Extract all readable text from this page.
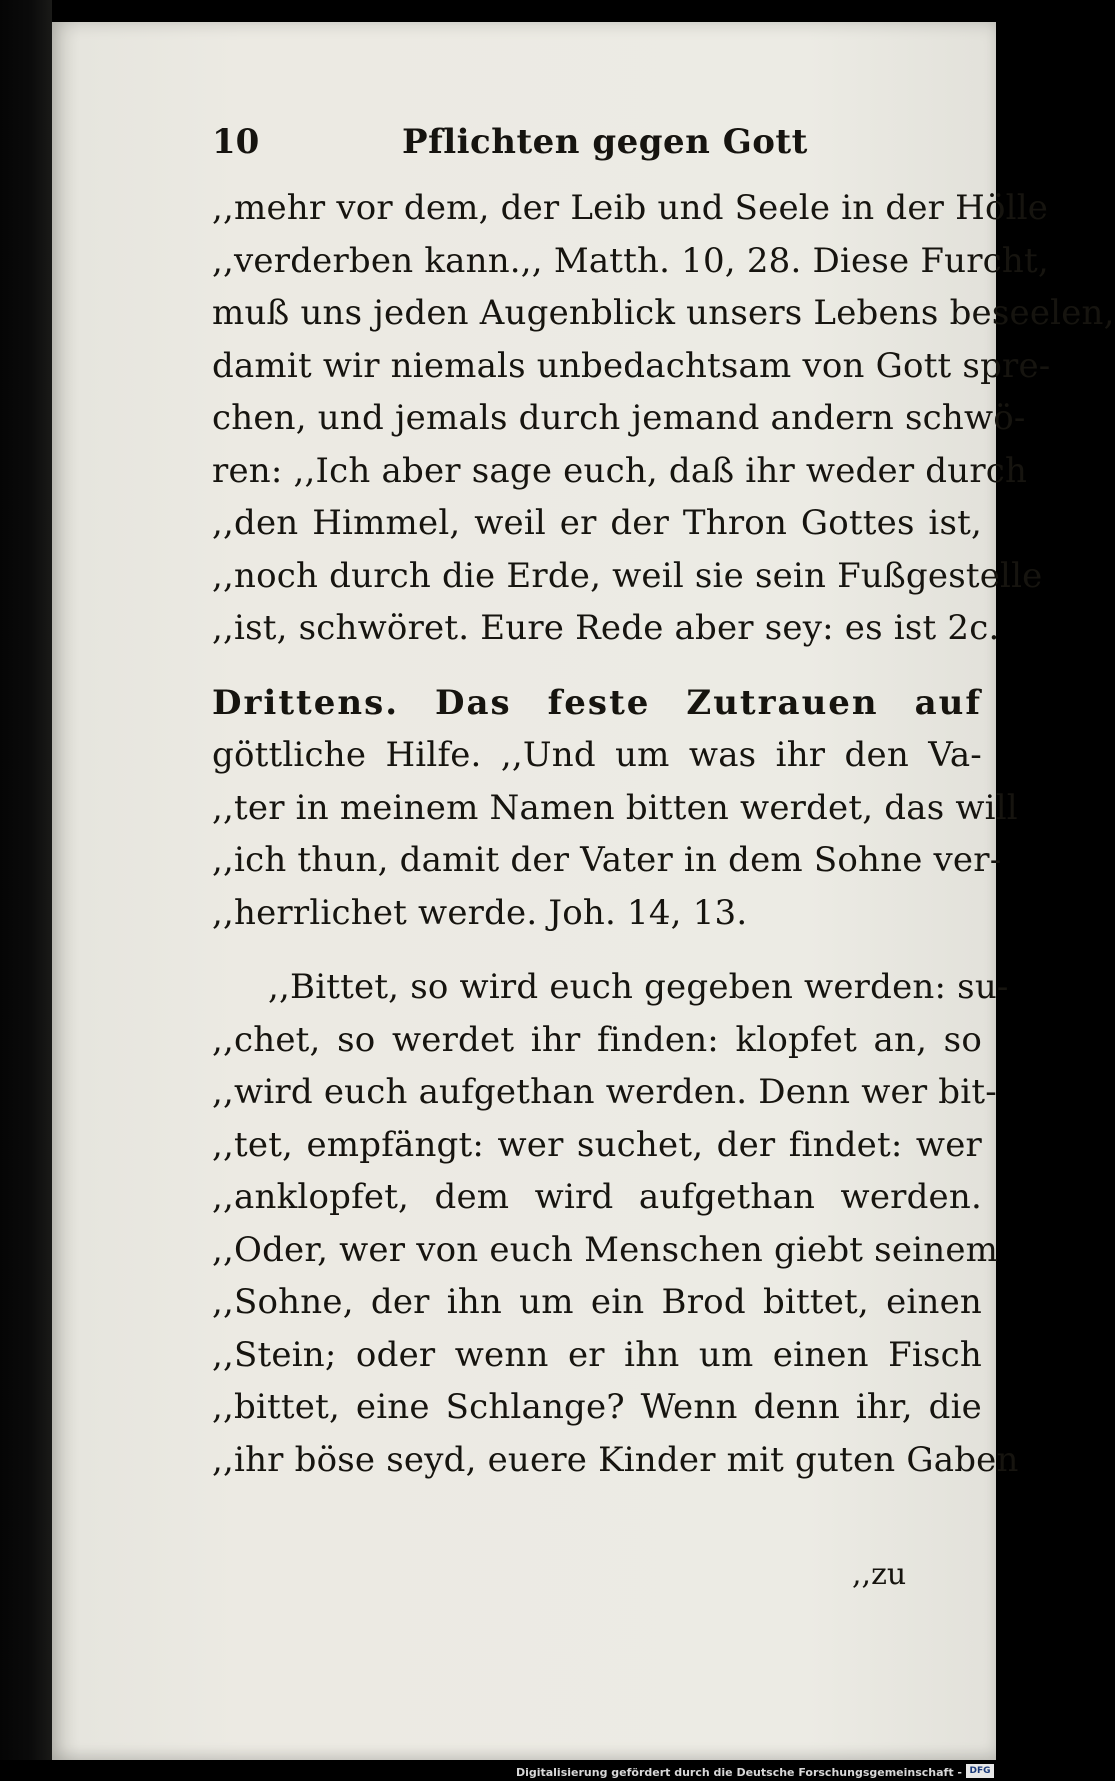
10	Pflichten gegen Gott
,,mehr vor dem, der Leib und Seele in der Hölle
,,verderben kann.,, Matth. 10, 28. Diese Furcht,
muß uns jeden Augenblick unsers Lebens beseelen,
damit wir niemals unbedachtsam von Gott spre-
chen, und jemals durch jemand andern schwö-
ren: ,,Ich aber sage euch, daß ihr weder durch
,,den Himmel, weil er der Thron Gottes ist,
,,noch durch die Erde, weil sie sein Fußgestelle
,,ist, schwöret. Eure Rede aber sey: es ist 2c.
Drittens. Das feste Zutrauen auf
göttliche Hilfe. ,,Und um was ihr den Va-
,,ter in meinem Namen bitten werdet, das will
,,ich thun, damit der Vater in dem Sohne ver-
,,herrlichet werde. Joh. 14, 13.
,,Bittet, so wird euch gegeben werden: su-
,,chet, so werdet ihr finden: klopfet an, so
,,wird euch aufgethan werden. Denn wer bit-
,,tet, empfängt: wer suchet, der findet: wer
,,anklopfet, dem wird aufgethan werden.
,,Oder, wer von euch Menschen giebt seinem
,,Sohne, der ihn um ein Brod bittet, einen
,,Stein; oder wenn er ihn um einen Fisch
,,bittet, eine Schlange? Wenn denn ihr, die
,,ihr böse seyd, euere Kinder mit guten Gaben
,,zu
Digitalisierung gefördert durch die Deutsche Forschungsgemeinschaft - DFG
